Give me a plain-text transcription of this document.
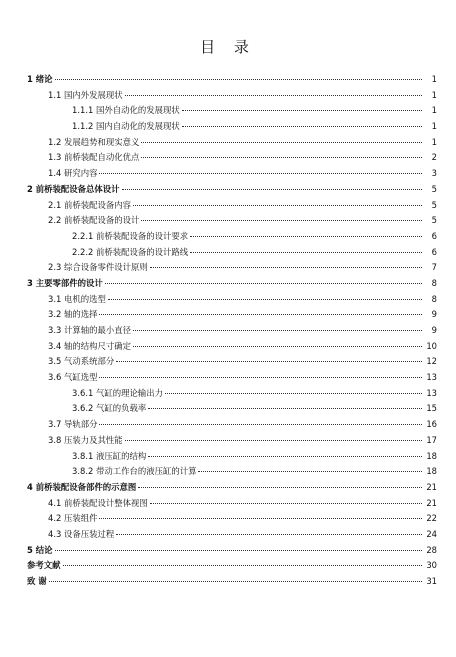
目 录
1 绪论	1
1.1 国内外发展现状	1
1.1.1 国外自动化的发展现状	1
1.1.2 国内自动化的发展现状	1
1.2 发展趋势和现实意义	1
1.3 前桥装配自动化优点	2
1.4 研究内容	3
2 前桥装配设备总体设计	5
2.1 前桥装配设备内容	5
2.2 前桥装配设备的设计	5
2.2.1 前桥装配设备的设计要求	6
2.2.2 前桥装配设备的设计路线	6
2.3 综合设备零件设计原则	7
3 主要零部件的设计	8
3.1 电机的选型	8
3.2 轴的选择	9
3.3 计算轴的最小直径	9
3.4 轴的结构尺寸确定	10
3.5 气动系统部分	12
3.6 气缸选型	13
3.6.1 气缸的理论输出力	13
3.6.2 气缸的负载率	15
3.7 导轨部分	16
3.8 压装力及其性能	17
3.8.1 液压缸的结构	18
3.8.2 带动工作台的液压缸的计算	18
4 前桥装配设备部件的示意图	21
4.1 前桥装配设计整体视图	21
4.2 压装组件	22
4.3 设备压装过程	24
5 结论	28
参考文献	30
致 谢	31
